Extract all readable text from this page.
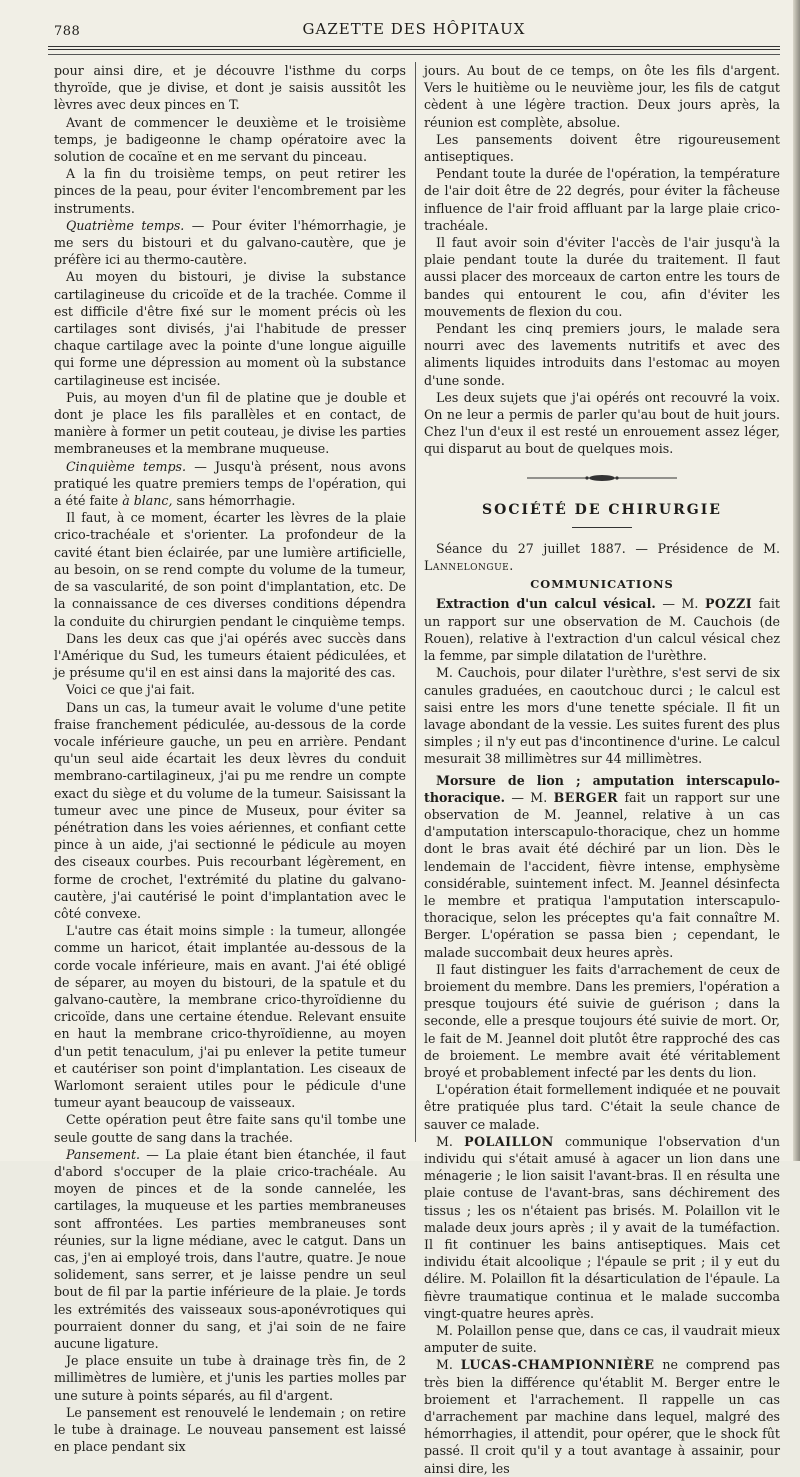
788	GAZETTE DES HÔPITAUX

pour ainsi dire, et je découvre l'isthme du corps thyroïde, que je divise, et dont je saisis aussitôt les lèvres avec deux pinces en T.

Avant de commencer le deuxième et le troisième temps, je badigeonne le champ opératoire avec la solution de cocaïne et en me servant du pinceau.

A la fin du troisième temps, on peut retirer les pinces de la peau, pour éviter l'encombrement par les instruments.

Quatrième temps. — Pour éviter l'hémorrhagie, je me sers du bistouri et du galvano-cautère, que je préfère ici au thermo-cautère.

Au moyen du bistouri, je divise la substance cartilagineuse du cricoïde et de la trachée. Comme il est difficile d'être fixé sur le moment précis où les cartilages sont divisés, j'ai l'habitude de presser chaque cartilage avec la pointe d'une longue aiguille qui forme une dépression au moment où la substance cartilagineuse est incisée.

Puis, au moyen d'un fil de platine que je double et dont je place les fils parallèles et en contact, de manière à former un petit couteau, je divise les parties membraneuses et la membrane muqueuse.

Cinquième temps. — Jusqu'à présent, nous avons pratiqué les quatre premiers temps de l'opération, qui a été faite à blanc, sans hémorrhagie.

Il faut, à ce moment, écarter les lèvres de la plaie crico-trachéale et s'orienter. La profondeur de la cavité étant bien éclairée, par une lumière artificielle, au besoin, on se rend compte du volume de la tumeur, de sa vascularité, de son point d'implantation, etc. De la connaissance de ces diverses conditions dépendra la conduite du chirurgien pendant le cinquième temps.

Dans les deux cas que j'ai opérés avec succès dans l'Amérique du Sud, les tumeurs étaient pédiculées, et je présume qu'il en est ainsi dans la majorité des cas.

Voici ce que j'ai fait.

Dans un cas, la tumeur avait le volume d'une petite fraise franchement pédiculée, au-dessous de la corde vocale inférieure gauche, un peu en arrière. Pendant qu'un seul aide écartait les deux lèvres du conduit membrano-cartilagineux, j'ai pu me rendre un compte exact du siège et du volume de la tumeur. Saisissant la tumeur avec une pince de Museux, pour éviter sa pénétration dans les voies aériennes, et confiant cette pince à un aide, j'ai sectionné le pédicule au moyen des ciseaux courbes. Puis recourbant légèrement, en forme de crochet, l'extrémité du platine du galvano-cautère, j'ai cautérisé le point d'implantation avec le côté convexe.

L'autre cas était moins simple : la tumeur, allongée comme un haricot, était implantée au-dessous de la corde vocale inférieure, mais en avant. J'ai été obligé de séparer, au moyen du bistouri, de la spatule et du galvano-cautère, la membrane crico-thyroïdienne du cricoïde, dans une certaine étendue. Relevant ensuite en haut la membrane crico-thyroïdienne, au moyen d'un petit tenaculum, j'ai pu enlever la petite tumeur et cautériser son point d'implantation. Les ciseaux de Warlomont seraient utiles pour le pédicule d'une tumeur ayant beaucoup de vaisseaux.

Cette opération peut être faite sans qu'il tombe une seule goutte de sang dans la trachée.

Pansement. — La plaie étant bien étanchée, il faut d'abord s'occuper de la plaie crico-trachéale. Au moyen de pinces et de la sonde cannelée, les cartilages, la muqueuse et les parties membraneuses sont affrontées. Les parties membraneuses sont réunies, sur la ligne médiane, avec le catgut. Dans un cas, j'en ai employé trois, dans l'autre, quatre. Je noue solidement, sans serrer, et je laisse pendre un seul bout de fil par la partie inférieure de la plaie. Je tords les extrémités des vaisseaux sous-aponévrotiques qui pourraient donner du sang, et j'ai soin de ne faire aucune ligature.

Je place ensuite un tube à drainage très fin, de 2 millimètres de lumière, et j'unis les parties molles par une suture à points séparés, au fil d'argent.

Le pansement est renouvelé le lendemain ; on retire le tube à drainage. Le nouveau pansement est laissé en place pendant six

jours. Au bout de ce temps, on ôte les fils d'argent. Vers le huitième ou le neuvième jour, les fils de catgut cèdent à une légère traction. Deux jours après, la réunion est complète, absolue.

Les pansements doivent être rigoureusement antiseptiques.

Pendant toute la durée de l'opération, la température de l'air doit être de 22 degrés, pour éviter la fâcheuse influence de l'air froid affluant par la large plaie crico-trachéale.

Il faut avoir soin d'éviter l'accès de l'air jusqu'à la plaie pendant toute la durée du traitement. Il faut aussi placer des morceaux de carton entre les tours de bandes qui entourent le cou, afin d'éviter les mouvements de flexion du cou.

Pendant les cinq premiers jours, le malade sera nourri avec des lavements nutritifs et avec des aliments liquides introduits dans l'estomac au moyen d'une sonde.

Les deux sujets que j'ai opérés ont recouvré la voix. On ne leur a permis de parler qu'au bout de huit jours. Chez l'un d'eux il est resté un enrouement assez léger, qui disparut au bout de quelques mois.

SOCIÉTÉ DE CHIRURGIE

Séance du 27 juillet 1887. — Présidence de M. Lannelongue.

COMMUNICATIONS

Extraction d'un calcul vésical. — M. POZZI fait un rapport sur une observation de M. Cauchois (de Rouen), relative à l'extraction d'un calcul vésical chez la femme, par simple dilatation de l'urèthre.

M. Cauchois, pour dilater l'urèthre, s'est servi de six canules graduées, en caoutchouc durci ; le calcul est saisi entre les mors d'une tenette spéciale. Il fit un lavage abondant de la vessie. Les suites furent des plus simples ; il n'y eut pas d'incontinence d'urine. Le calcul mesurait 38 millimètres sur 44 millimètres.

Morsure de lion ; amputation interscapulo-thoracique. — M. BERGER fait un rapport sur une observation de M. Jeannel, relative à un cas d'amputation interscapulo-thoracique, chez un homme dont le bras avait été déchiré par un lion. Dès le lendemain de l'accident, fièvre intense, emphysème considérable, suintement infect. M. Jeannel désinfecta le membre et pratiqua l'amputation interscapulo-thoracique, selon les préceptes qu'a fait connaître M. Berger. L'opération se passa bien ; cependant, le malade succombait deux heures après.

Il faut distinguer les faits d'arrachement de ceux de broiement du membre. Dans les premiers, l'opération a presque toujours été suivie de guérison ; dans la seconde, elle a presque toujours été suivie de mort. Or, le fait de M. Jeannel doit plutôt être rapproché des cas de broiement. Le membre avait été véritablement broyé et probablement infecté par les dents du lion.

L'opération était formellement indiquée et ne pouvait être pratiquée plus tard. C'était la seule chance de sauver ce malade.

M. POLAILLON communique l'observation d'un individu qui s'était amusé à agacer un lion dans une ménagerie ; le lion saisit l'avant-bras. Il en résulta une plaie contuse de l'avant-bras, sans déchirement des tissus ; les os n'étaient pas brisés. M. Polaillon vit le malade deux jours après ; il y avait de la tuméfaction. Il fit continuer les bains antiseptiques. Mais cet individu était alcoolique ; l'épaule se prit ; il y eut du délire. M. Polaillon fit la désarticulation de l'épaule. La fièvre traumatique continua et le malade succomba vingt-quatre heures après.

M. Polaillon pense que, dans ce cas, il vaudrait mieux amputer de suite.

M. LUCAS-CHAMPIONNIÈRE ne comprend pas très bien la différence qu'établit M. Berger entre le broiement et l'arrachement. Il rappelle un cas d'arrachement par machine dans lequel, malgré des hémorrhagies, il attendit, pour opérer, que le shock fût passé. Il croit qu'il y a tout avantage à assainir, pour ainsi dire, les
